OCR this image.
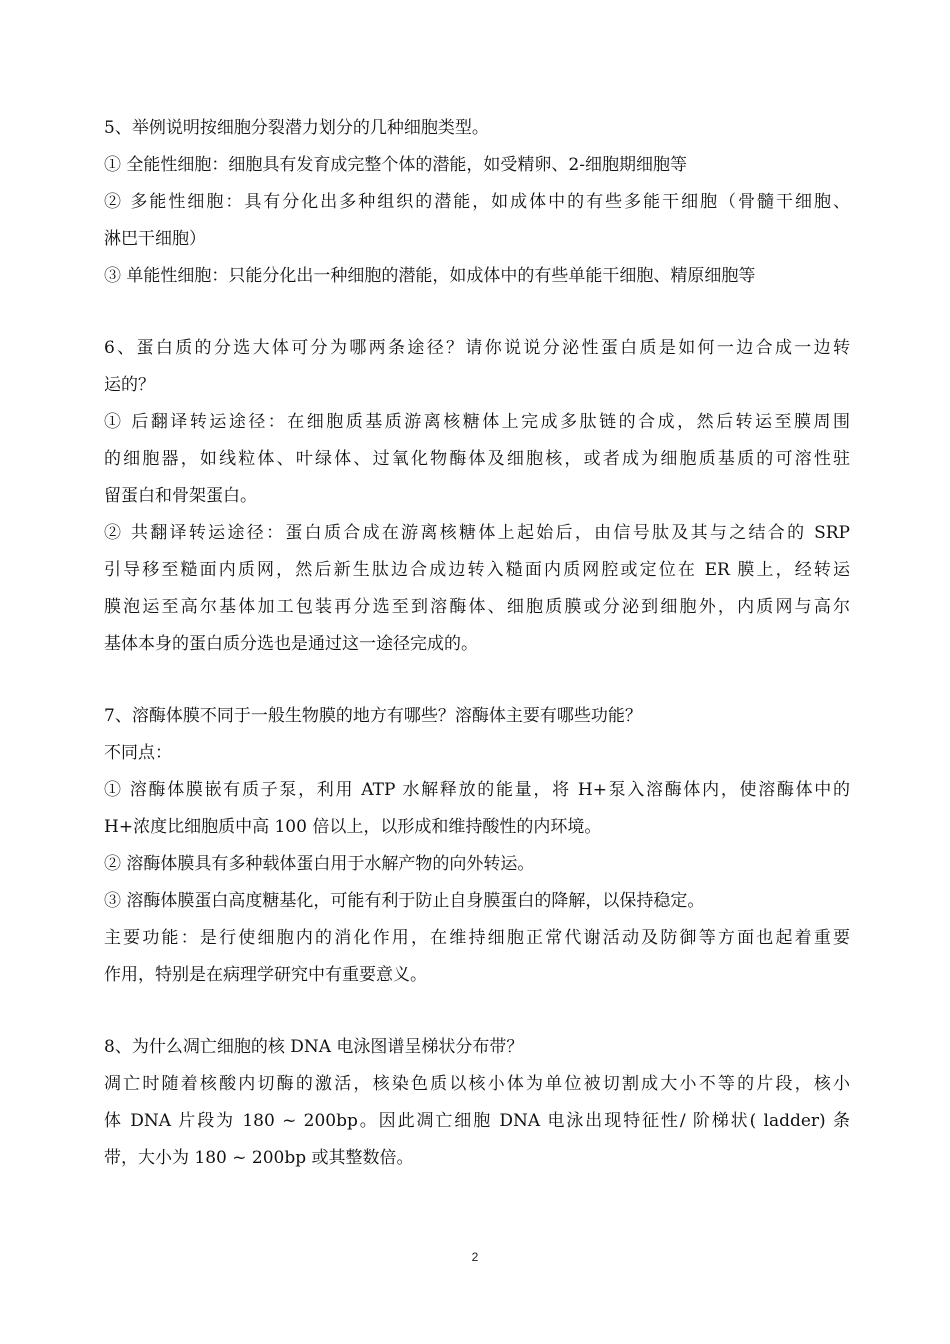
5、举例说明按细胞分裂潜力划分的几种细胞类型。
① 全能性细胞：细胞具有发育成完整个体的潜能，如受精卵、2-细胞期细胞等
② 多能性细胞：具有分化出多种组织的潜能，如成体中的有些多能干细胞（骨髓干细胞、
淋巴干细胞）
③ 单能性细胞：只能分化出一种细胞的潜能，如成体中的有些单能干细胞、精原细胞等
6、蛋白质的分选大体可分为哪两条途径？请你说说分泌性蛋白质是如何一边合成一边转
运的？
① 后翻译转运途径：在细胞质基质游离核糖体上完成多肽链的合成，然后转运至膜周围
的细胞器，如线粒体、叶绿体、过氧化物酶体及细胞核，或者成为细胞质基质的可溶性驻
留蛋白和骨架蛋白。
② 共翻译转运途径：蛋白质合成在游离核糖体上起始后，由信号肽及其与之结合的 SRP
引导移至糙面内质网，然后新生肽边合成边转入糙面内质网腔或定位在 ER 膜上，经转运
膜泡运至高尔基体加工包装再分选至到溶酶体、细胞质膜或分泌到细胞外，内质网与高尔
基体本身的蛋白质分选也是通过这一途径完成的。
7、溶酶体膜不同于一般生物膜的地方有哪些？溶酶体主要有哪些功能？
不同点：
① 溶酶体膜嵌有质子泵，利用 ATP 水解释放的能量，将 H+泵入溶酶体内，使溶酶体中的
H+浓度比细胞质中高 100 倍以上，以形成和维持酸性的内环境。
② 溶酶体膜具有多种载体蛋白用于水解产物的向外转运。
③ 溶酶体膜蛋白高度糖基化，可能有利于防止自身膜蛋白的降解，以保持稳定。
主要功能：是行使细胞内的消化作用，在维持细胞正常代谢活动及防御等方面也起着重要
作用，特别是在病理学研究中有重要意义。
8、为什么凋亡细胞的核 DNA 电泳图谱呈梯状分布带？
凋亡时随着核酸内切酶的激活，核染色质以核小体为单位被切割成大小不等的片段，核小
体 DNA 片段为 180 ~ 200bp。因此凋亡细胞 DNA 电泳出现特征性/ 阶梯状( ladder) 条
带，大小为 180 ~ 200bp 或其整数倍。
2
